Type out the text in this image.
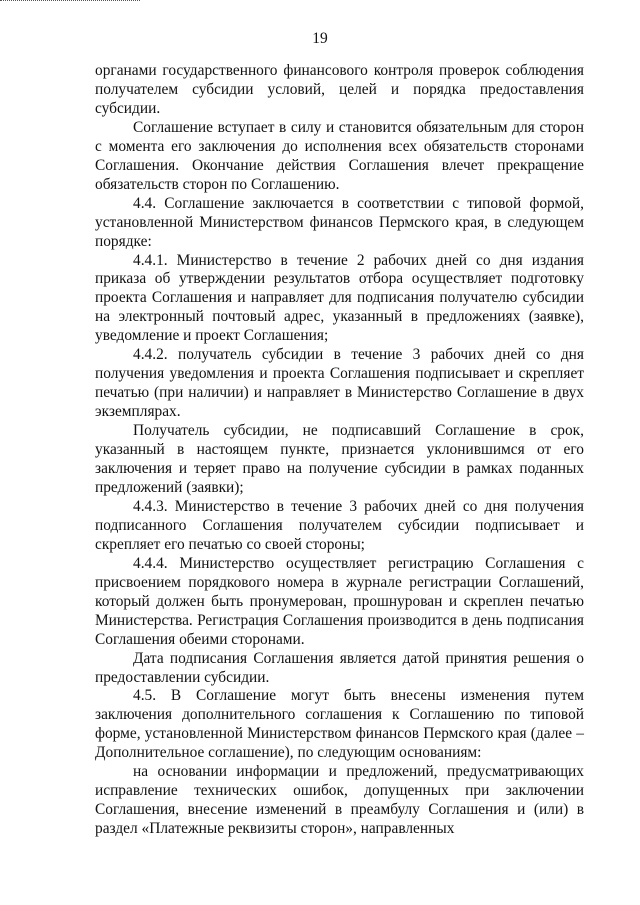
19

органами государственного финансового контроля проверок соблюдения получателем субсидии условий, целей и порядка предоставления субсидии.

Соглашение вступает в силу и становится обязательным для сторон с момента его заключения до исполнения всех обязательств сторонами Соглашения. Окончание действия Соглашения влечет прекращение обязательств сторон по Соглашению.

4.4. Соглашение заключается в соответствии с типовой формой, установленной Министерством финансов Пермского края, в следующем порядке:

4.4.1. Министерство в течение 2 рабочих дней со дня издания приказа об утверждении результатов отбора осуществляет подготовку проекта Соглашения и направляет для подписания получателю субсидии на электронный почтовый адрес, указанный в предложениях (заявке), уведомление и проект Соглашения;

4.4.2. получатель субсидии в течение 3 рабочих дней со дня получения уведомления и проекта Соглашения подписывает и скрепляет печатью (при наличии) и направляет в Министерство Соглашение в двух экземплярах.

Получатель субсидии, не подписавший Соглашение в срок, указанный в настоящем пункте, признается уклонившимся от его заключения и теряет право на получение субсидии в рамках поданных предложений (заявки);

4.4.3. Министерство в течение 3 рабочих дней со дня получения подписанного Соглашения получателем субсидии подписывает и скрепляет его печатью со своей стороны;

4.4.4. Министерство осуществляет регистрацию Соглашения с присвоением порядкового номера в журнале регистрации Соглашений, который должен быть пронумерован, прошнурован и скреплен печатью Министерства. Регистрация Соглашения производится в день подписания Соглашения обеими сторонами.

Дата подписания Соглашения является датой принятия решения о предоставлении субсидии.

4.5. В Соглашение могут быть внесены изменения путем заключения дополнительного соглашения к Соглашению по типовой форме, установленной Министерством финансов Пермского края (далее – Дополнительное соглашение), по следующим основаниям:

на основании информации и предложений, предусматривающих исправление технических ошибок, допущенных при заключении Соглашения, внесение изменений в преамбулу Соглашения и (или) в раздел «Платежные реквизиты сторон», направленных
